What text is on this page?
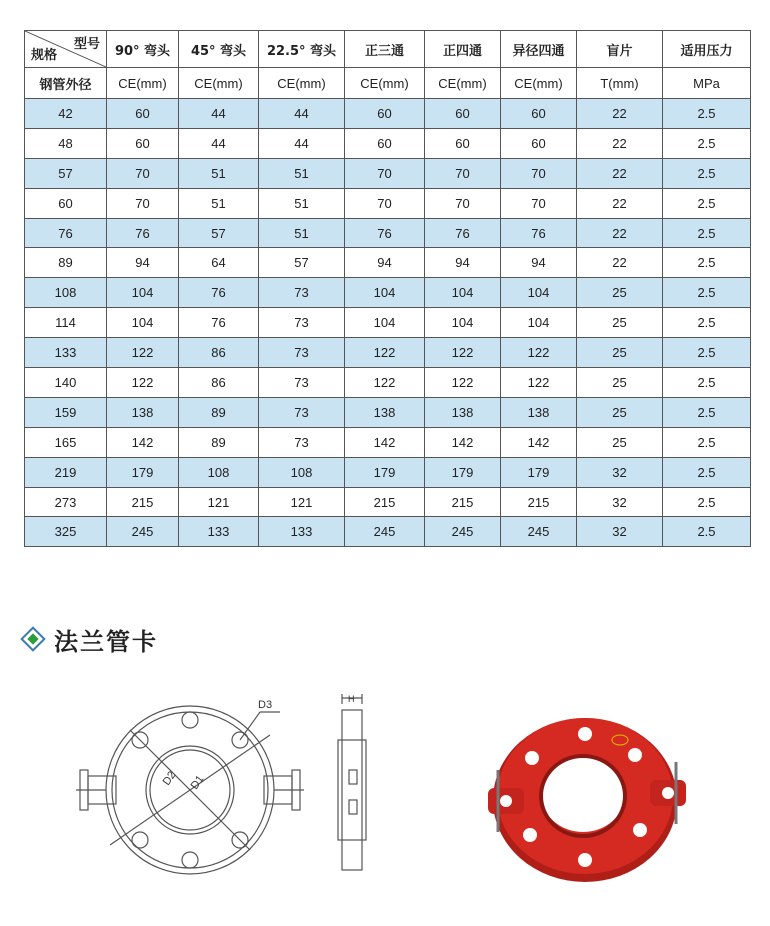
型号
规格	90° 弯头	45° 弯头	22.5° 弯头	正三通	正四通	异径四通	盲片	适用压力
钢管外径	CE(mm)	CE(mm)	CE(mm)	CE(mm)	CE(mm)	CE(mm)	T(mm)	MPa
42	60	44	44	60	60	60	22	2.5
48	60	44	44	60	60	60	22	2.5
57	70	51	51	70	70	70	22	2.5
60	70	51	51	70	70	70	22	2.5
76	76	57	51	76	76	76	22	2.5
89	94	64	57	94	94	94	22	2.5
108	104	76	73	104	104	104	25	2.5
114	104	76	73	104	104	104	25	2.5
133	122	86	73	122	122	122	25	2.5
140	122	86	73	122	122	122	25	2.5
159	138	89	73	138	138	138	25	2.5
165	142	89	73	142	142	142	25	2.5
219	179	108	108	179	179	179	32	2.5
273	215	121	121	215	215	215	32	2.5
325	245	133	133	245	245	245	32	2.5
法兰管卡
D3
D2 D1
H
